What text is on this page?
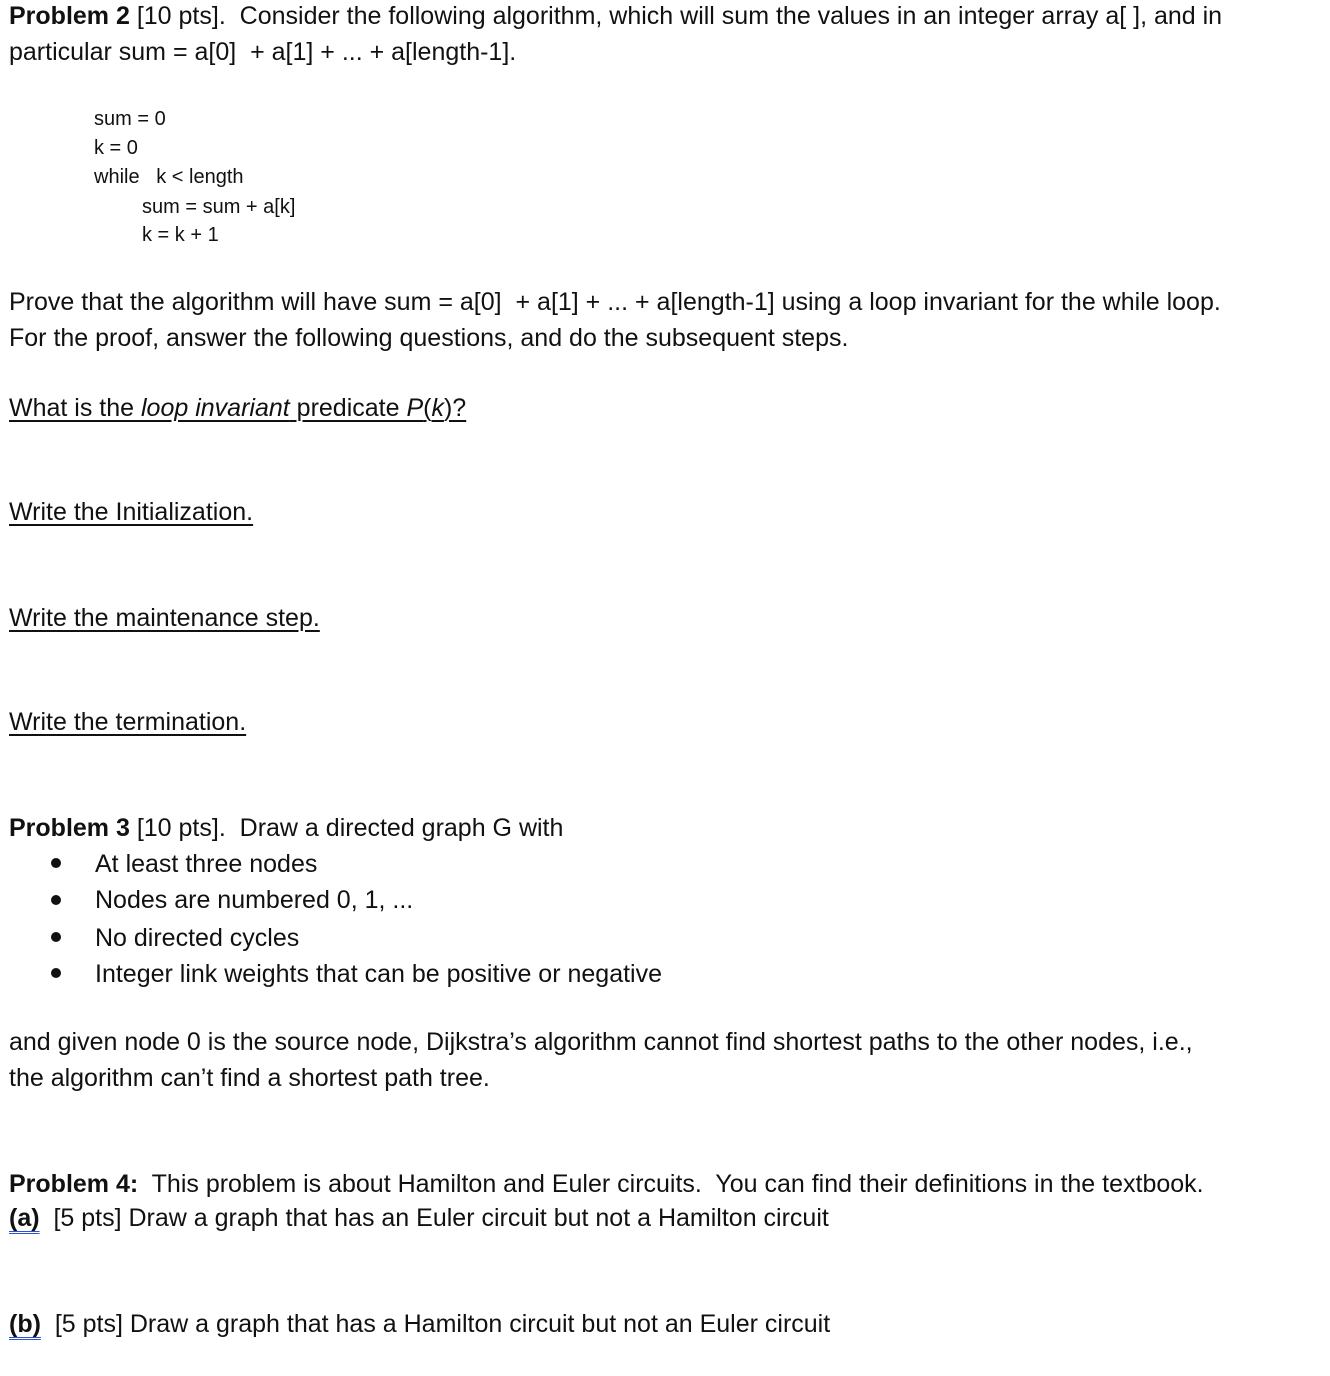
Problem 2 [10 pts].  Consider the following algorithm, which will sum the values in an integer array a[ ], and in
particular sum = a[0]  + a[1] + ... + a[length-1].
sum = 0
k = 0
while   k < length
sum = sum + a[k]
k = k + 1
Prove that the algorithm will have sum = a[0]  + a[1] + ... + a[length-1] using a loop invariant for the while loop.
For the proof, answer the following questions, and do the subsequent steps.
What is the loop invariant predicate P(k)?
Write the Initialization.
Write the maintenance step.
Write the termination.
Problem 3 [10 pts].  Draw a directed graph G with
At least three nodes
Nodes are numbered 0, 1, ...
No directed cycles
Integer link weights that can be positive or negative
and given node 0 is the source node, Dijkstra’s algorithm cannot find shortest paths to the other nodes, i.e.,
the algorithm can’t find a shortest path tree.
Problem 4:  This problem is about Hamilton and Euler circuits.  You can find their definitions in the textbook.
(a)  [5 pts] Draw a graph that has an Euler circuit but not a Hamilton circuit
(b)  [5 pts] Draw a graph that has a Hamilton circuit but not an Euler circuit
